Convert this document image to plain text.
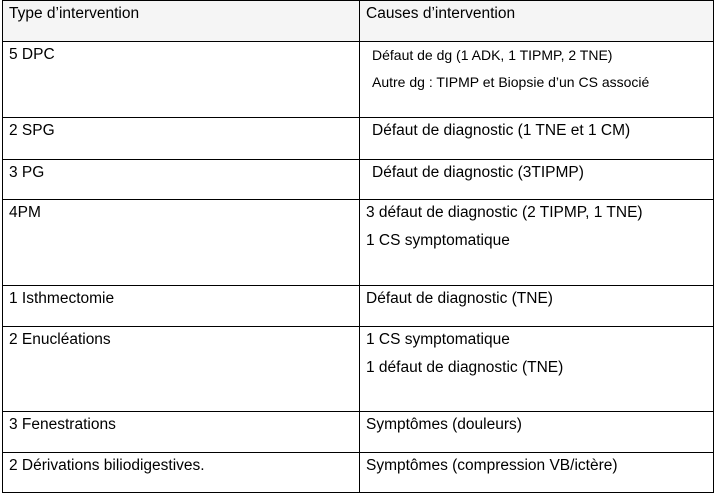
Type d’intervention	Causes d’intervention
5 DPC	Défaut de dg (1 ADK, 1 TIPMP, 2 TNE)
Autre dg : TIPMP et Biopsie d’un CS associé

2 SPG	Défaut de diagnostic (1 TNE et 1 CM)

3 PG	Défaut de diagnostic (3TIPMP)

4PM	3 défaut de diagnostic (2 TIPMP, 1 TNE)
1 CS symptomatique

1 Isthmectomie	Défaut de diagnostic (TNE)

2 Enucléations	1 CS symptomatique
1 défaut de diagnostic (TNE)

3 Fenestrations	Symptômes (douleurs)

2 Dérivations biliodigestives.	Symptômes (compression VB/ictère)
